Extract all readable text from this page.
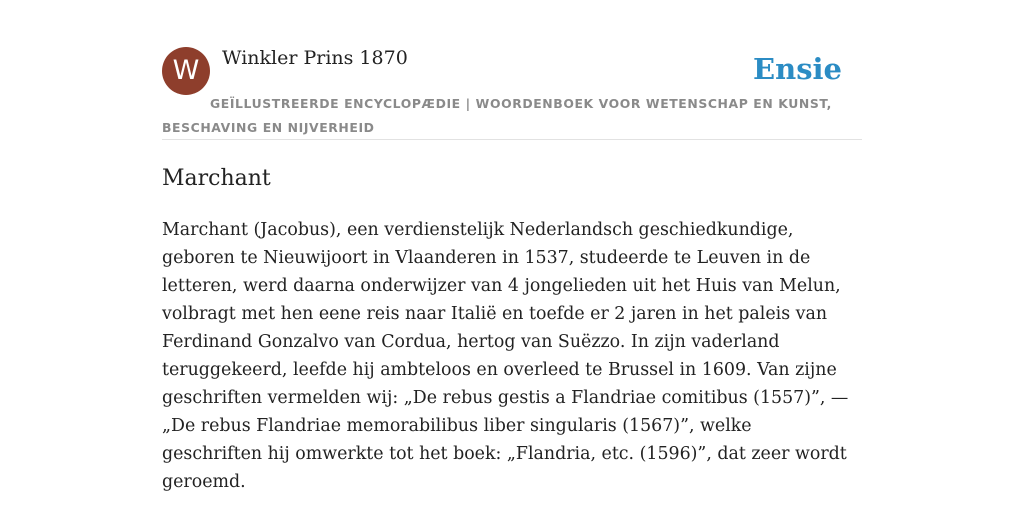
W	Winkler Prins 1870	Ensie
GEÏLLUSTREERDE ENCYCLOPÆDIE | WOORDENBOEK VOOR WETENSCHAP EN KUNST, BESCHAVING EN NIJVERHEID
Marchant

Marchant (Jacobus), een verdienstelijk Nederlandsch geschiedkundige, geboren te Nieuwijoort in Vlaanderen in 1537, studeerde te Leuven in de letteren, werd daarna onderwijzer van 4 jongelieden uit het Huis van Melun, volbragt met hen eene reis naar Italië en toefde er 2 jaren in het paleis van Ferdinand Gonzalvo van Cordua, hertog van Suëzzo. In zijn vaderland teruggekeerd, leefde hij ambteloos en overleed te Brussel in 1609. Van zijne geschriften vermelden wij: „De rebus gestis a Flandriae comitibus (1557)”, — „De rebus Flandriae memorabilibus liber singularis (1567)”, welke geschriften hij omwerkte tot het boek: „Flandria, etc. (1596)”, dat zeer wordt geroemd.
